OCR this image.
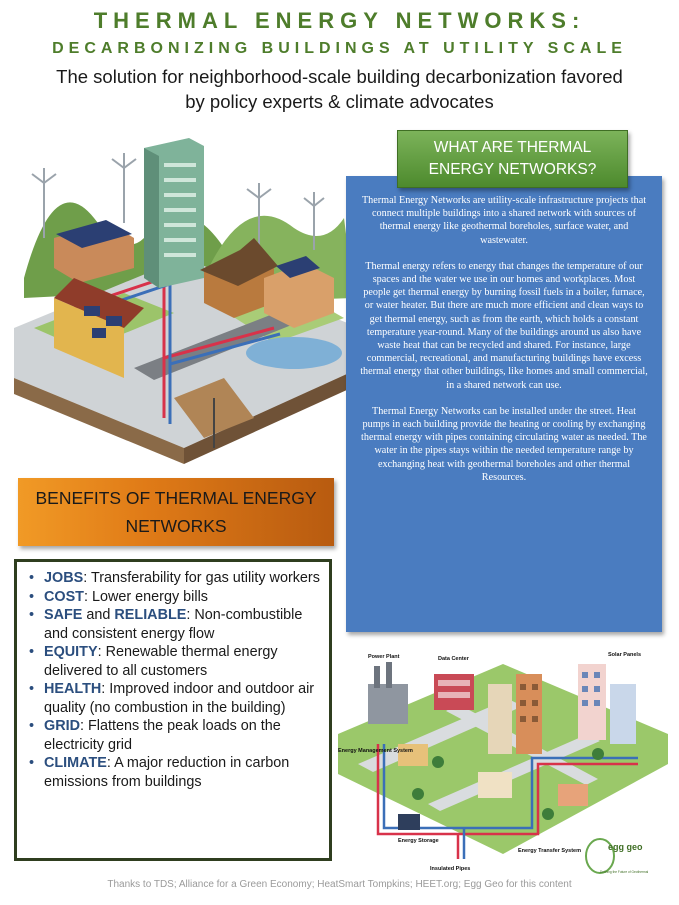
THERMAL ENERGY NETWORKS:
DECARBONIZING BUILDINGS AT UTILITY SCALE
The solution for neighborhood-scale building decarbonization favored
by policy experts & climate advocates
WHAT ARE THERMAL ENERGY NETWORKS?

Thermal Energy Networks are utility-scale infrastructure projects that connect multiple buildings into a shared network with sources of thermal energy like geothermal boreholes, surface water, and wastewater.

Thermal energy refers to energy that changes the temperature of our spaces and the water we use in our homes and workplaces. Most people get thermal energy by burning fossil fuels in a boiler, furnace, or water heater. But there are much more efficient and clean ways to get thermal energy, such as from the earth, which holds a constant temperature year-round. Many of the buildings around us also have waste heat that can be recycled and shared. For instance, large commercial, recreational, and manufacturing buildings have excess thermal energy that other buildings, like homes and small commercial, in a shared network can use.

Thermal Energy Networks can be installed under the street. Heat pumps in each building provide the heating or cooling by exchanging thermal energy with pipes containing circulating water as needed. The water in the pipes stays within the needed temperature range by exchanging heat with geothermal boreholes and other thermal Resources.

BENEFITS OF THERMAL ENERGY NETWORKS
• JOBS: Transferability for gas utility workers
• COST: Lower energy bills
• SAFE and RELIABLE: Non-combustible and consistent energy flow
• EQUITY: Renewable thermal energy delivered to all customers
• HEALTH: Improved indoor and outdoor air quality (no combustion in the building)
• GRID: Flattens the peak loads on the electricity grid
• CLIMATE: A major reduction in carbon emissions from buildings
Power Plant	Data Center
Solar Panels
Energy Management System
Energy Storage
Insulated Pipes
Energy Transfer System	egg geo
Defining the Future of Geothermal
Thanks to TDS; Alliance for a Green Economy; HeatSmart Tompkins; HEET.org; Egg Geo for this content
